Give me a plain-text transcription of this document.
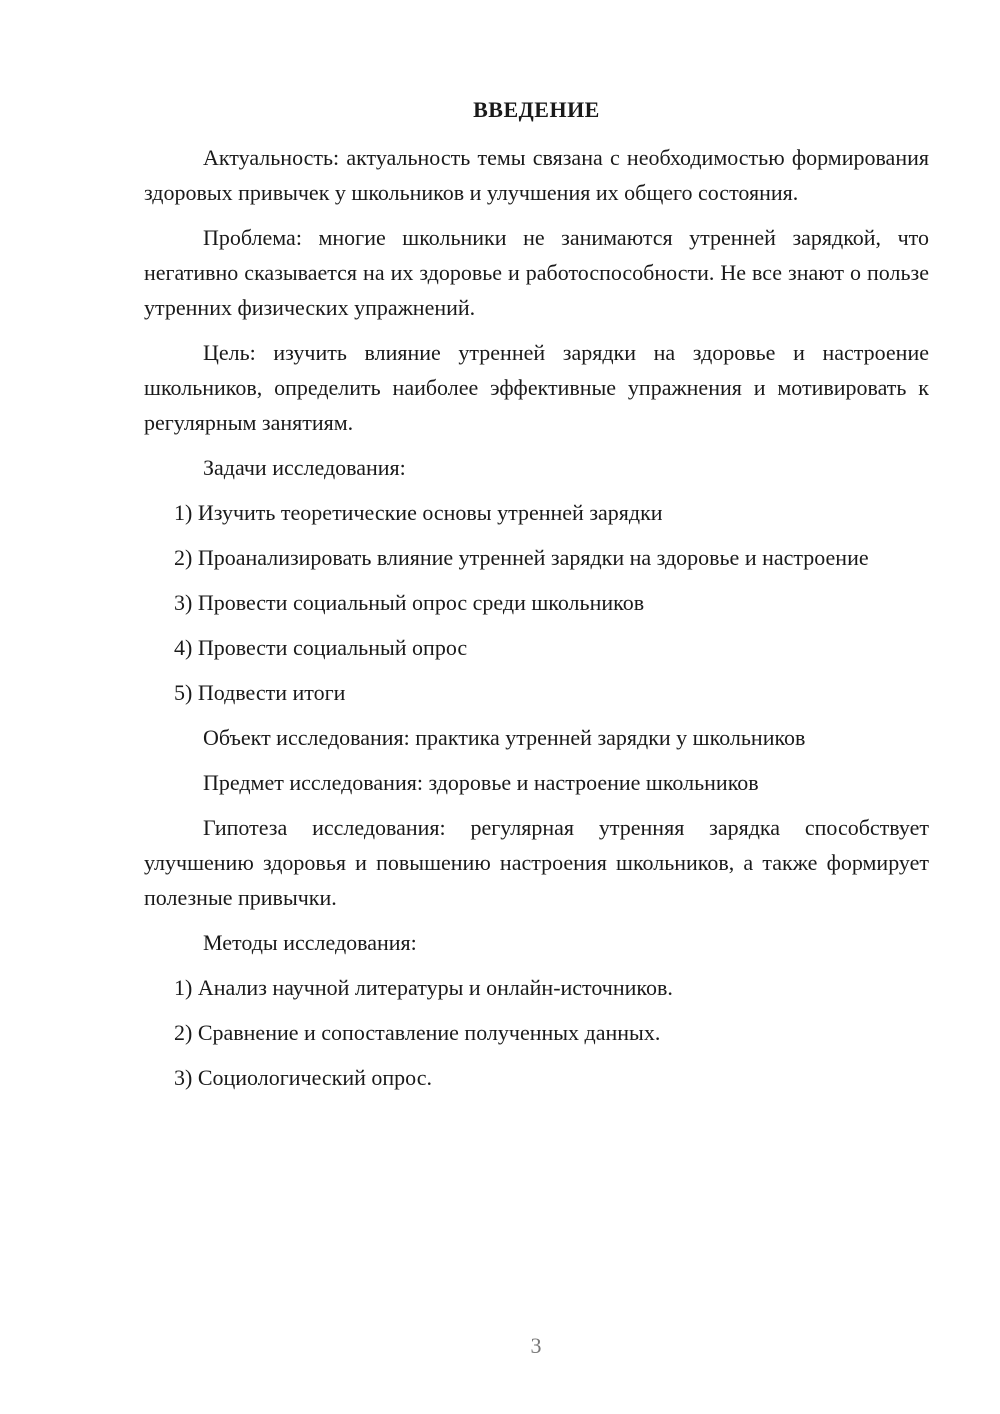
ВВЕДЕНИЕ

Актуальность: актуальность темы связана с необходимостью формирования здоровых привычек у школьников и улучшения их общего состояния.

Проблема: многие школьники не занимаются утренней зарядкой, что негативно сказывается на их здоровье и работоспособности. Не все знают о пользе утренних физических упражнений.

Цель: изучить влияние утренней зарядки на здоровье и настроение школьников, определить наиболее эффективные упражнения и мотивировать к регулярным занятиям.

Задачи исследования:

1) Изучить теоретические основы утренней зарядки

2) Проанализировать влияние утренней зарядки на здоровье и настроение

3) Провести социальный опрос среди школьников

4) Провести социальный опрос

5) Подвести итоги

Объект исследования: практика утренней зарядки у школьников

Предмет исследования: здоровье и настроение школьников

Гипотеза исследования: регулярная утренняя зарядка способствует улучшению здоровья и повышению настроения школьников, а также формирует полезные привычки.

Методы исследования:

1) Анализ научной литературы и онлайн-источников.

2) Сравнение и сопоставление полученных данных.

3) Социологический опрос.

3
